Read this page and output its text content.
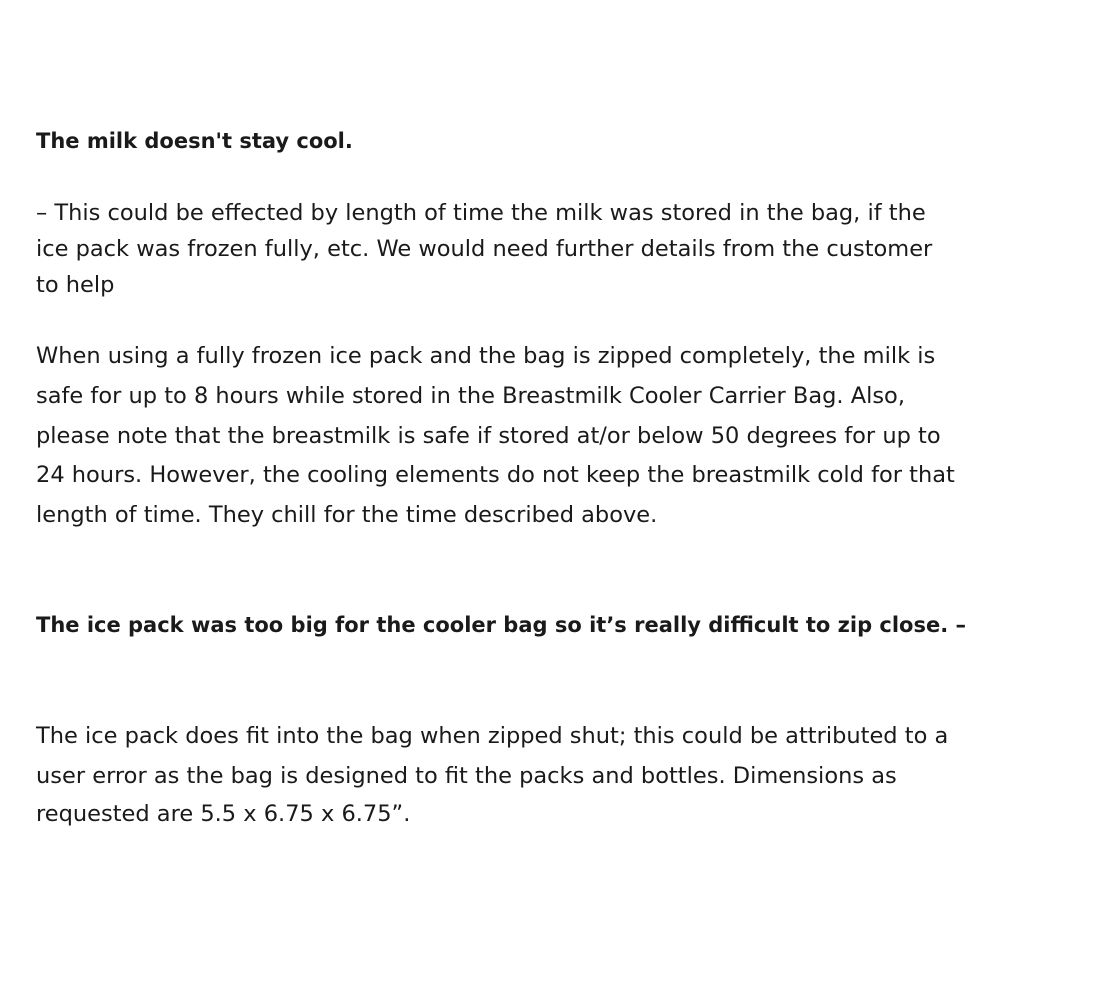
The milk doesn't stay cool.
– This could be effected by length of time the milk was stored in the bag, if the
ice pack was frozen fully, etc. We would need further details from the customer
to help
When using a fully frozen ice pack and the bag is zipped completely, the milk is
safe for up to 8 hours while stored in the Breastmilk Cooler Carrier Bag. Also,
please note that the breastmilk is safe if stored at/or below 50 degrees for up to
24 hours. However, the cooling elements do not keep the breastmilk cold for that
length of time. They chill for the time described above.
The ice pack was too big for the cooler bag so it’s really difficult to zip close. –
The ice pack does fit into the bag when zipped shut; this could be attributed to a
user error as the bag is designed to fit the packs and bottles. Dimensions as
requested are 5.5 x 6.75 x 6.75”.
